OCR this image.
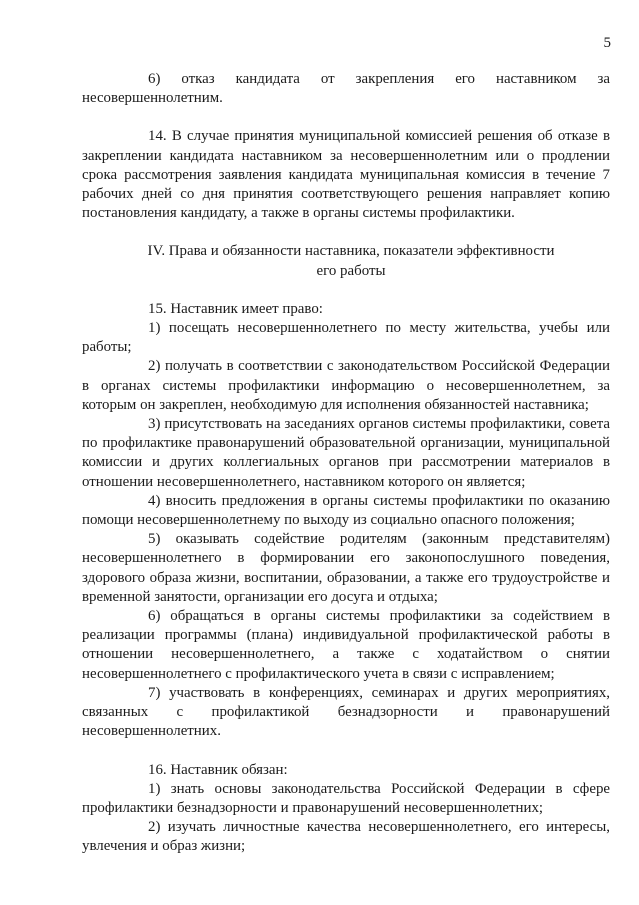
5

6) отказ кандидата от закрепления его наставником за несовершеннолетним.

14. В случае принятия муниципальной комиссией решения об отказе в закреплении кандидата наставником за несовершеннолетним или о продлении срока рассмотрения заявления кандидата муниципальная комиссия в течение 7 рабочих дней со дня принятия соответствующего решения направляет копию постановления кандидату, а также в органы системы профилактики.

IV. Права и обязанности наставника, показатели эффективности
его работы

15. Наставник имеет право:

1) посещать несовершеннолетнего по месту жительства, учебы или работы;

2) получать в соответствии с законодательством Российской Федерации в органах системы профилактики информацию о несовершеннолетнем, за которым он закреплен, необходимую для исполнения обязанностей наставника;

3) присутствовать на заседаниях органов системы профилактики, совета по профилактике правонарушений образовательной организации, муниципальной комиссии и других коллегиальных органов при рассмотрении материалов в отношении несовершеннолетнего, наставником которого он является;

4) вносить предложения в органы системы профилактики по оказанию помощи несовершеннолетнему по выходу из социально опасного положения;

5) оказывать содействие родителям (законным представителям) несовершеннолетнего в формировании его законопослушного поведения, здорового образа жизни, воспитании, образовании, а также его трудоустройстве и временной занятости, организации его досуга и отдыха;

6) обращаться в органы системы профилактики за содействием в реализации программы (плана) индивидуальной профилактической работы в отношении несовершеннолетнего, а также с ходатайством о снятии несовершеннолетнего с профилактического учета в связи с исправлением;

7) участвовать в конференциях, семинарах и других мероприятиях, связанных с профилактикой безнадзорности и правонарушений несовершеннолетних.

16. Наставник обязан:

1) знать основы законодательства Российской Федерации в сфере профилактики безнадзорности и правонарушений несовершеннолетних;

2) изучать личностные качества несовершеннолетнего, его интересы, увлечения и образ жизни;
